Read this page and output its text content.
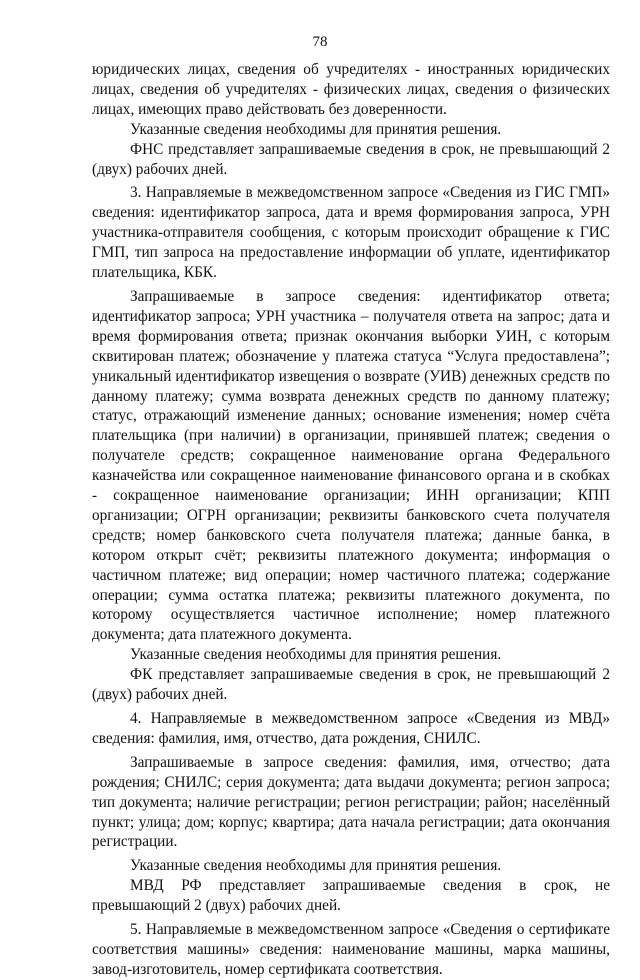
78

юридических лицах, сведения об учредителях - иностранных юридических лицах, сведения об учредителях - физических лицах, сведения о физических лицах, имеющих право действовать без доверенности.

Указанные сведения необходимы для принятия решения.

ФНС представляет запрашиваемые сведения в срок, не превышающий 2 (двух) рабочих дней.

3. Направляемые в межведомственном запросе «Сведения из ГИС ГМП» сведения: идентификатор запроса, дата и время формирования запроса, УРН участника-отправителя сообщения, с которым происходит обращение к ГИС ГМП, тип запроса на предоставление информации об уплате, идентификатор плательщика, КБК.

Запрашиваемые в запросе сведения: идентификатор ответа; идентификатор запроса; УРН участника – получателя ответа на запрос; дата и время формирования ответа; признак окончания выборки УИН, с которым сквитирован платеж; обозначение у платежа статуса “Услуга предоставлена”; уникальный идентификатор извещения о возврате (УИВ) денежных средств по данному платежу; сумма возврата денежных средств по данному платежу; статус, отражающий изменение данных; основание изменения; номер счёта плательщика (при наличии) в организации, принявшей платеж; сведения о получателе средств; сокращенное наименование органа Федерального казначейства или сокращенное наименование финансового органа и в скобках - сокращенное наименование организации; ИНН организации; КПП организации; ОГРН организации; реквизиты банковского счета получателя средств; номер банковского счета получателя платежа; данные банка, в котором открыт счёт; реквизиты платежного документа; информация о частичном платеже; вид операции; номер частичного платежа; содержание операции; сумма остатка платежа; реквизиты платежного документа, по которому осуществляется частичное исполнение; номер платежного документа; дата платежного документа.

Указанные сведения необходимы для принятия решения.

ФК представляет запрашиваемые сведения в срок, не превышающий 2 (двух) рабочих дней.

4. Направляемые в межведомственном запросе «Сведения из МВД» сведения: фамилия, имя, отчество, дата рождения, СНИЛС.

Запрашиваемые в запросе сведения: фамилия, имя, отчество; дата рождения; СНИЛС; серия документа; дата выдачи документа; регион запроса; тип документа; наличие регистрации; регион регистрации; район; населённый пункт; улица; дом; корпус; квартира; дата начала регистрации; дата окончания регистрации.

Указанные сведения необходимы для принятия решения.

МВД РФ представляет запрашиваемые сведения в срок, не превышающий 2 (двух) рабочих дней.

5. Направляемые в межведомственном запросе «Сведения о сертификате соответствия машины» сведения: наименование машины, марка машины, завод-изготовитель, номер сертификата соответствия.
